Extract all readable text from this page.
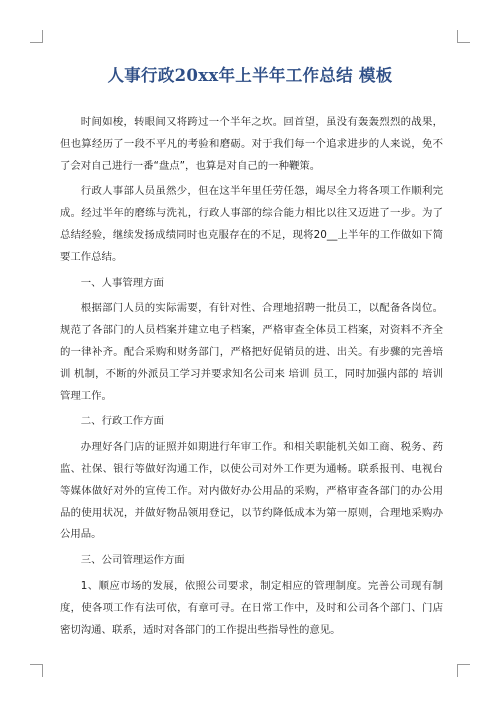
人事行政20xx年上半年工作总结 模板

时间如梭，转眼间又将跨过一个半年之坎。回首望，虽没有轰轰烈烈的战果，但也算经历了一段不平凡的考验和磨砺。对于我们每一个追求进步的人来说，免不了会对自己进行一番“盘点”，也算是对自己的一种鞭策。

行政人事部人员虽然少，但在这半年里任劳任怨，竭尽全力将各项工作顺利完成。经过半年的磨练与洗礼，行政人事部的综合能力相比以往又迈进了一步。为了总结经验，继续发扬成绩同时也克服存在的不足，现将20__上半年的工作做如下简要工作总结。

一、人事管理方面

根据部门人员的实际需要，有针对性、合理地招聘一批员工，以配备各岗位。规范了各部门的人员档案并建立电子档案，严格审查全体员工档案，对资料不齐全的一律补齐。配合采购和财务部门，严格把好促销员的进、出关。有步骤的完善培训 机制，不断的外派员工学习并要求知名公司来 培训 员工，同时加强内部的 培训 管理工作。

二、行政工作方面

办理好各门店的证照并如期进行年审工作。和相关职能机关如工商、税务、药监、社保、银行等做好沟通工作，以使公司对外工作更为通畅。联系报刊、电视台等媒体做好对外的宣传工作。对内做好办公用品的采购，严格审查各部门的办公用品的使用状况，并做好物品领用登记，以节约降低成本为第一原则，合理地采购办公用品。

三、公司管理运作方面

1、顺应市场的发展，依照公司要求，制定相应的管理制度。完善公司现有制度，使各项工作有法可依，有章可寻。在日常工作中，及时和公司各个部门、门店密切沟通、联系，适时对各部门的工作提出些指导性的意见。
